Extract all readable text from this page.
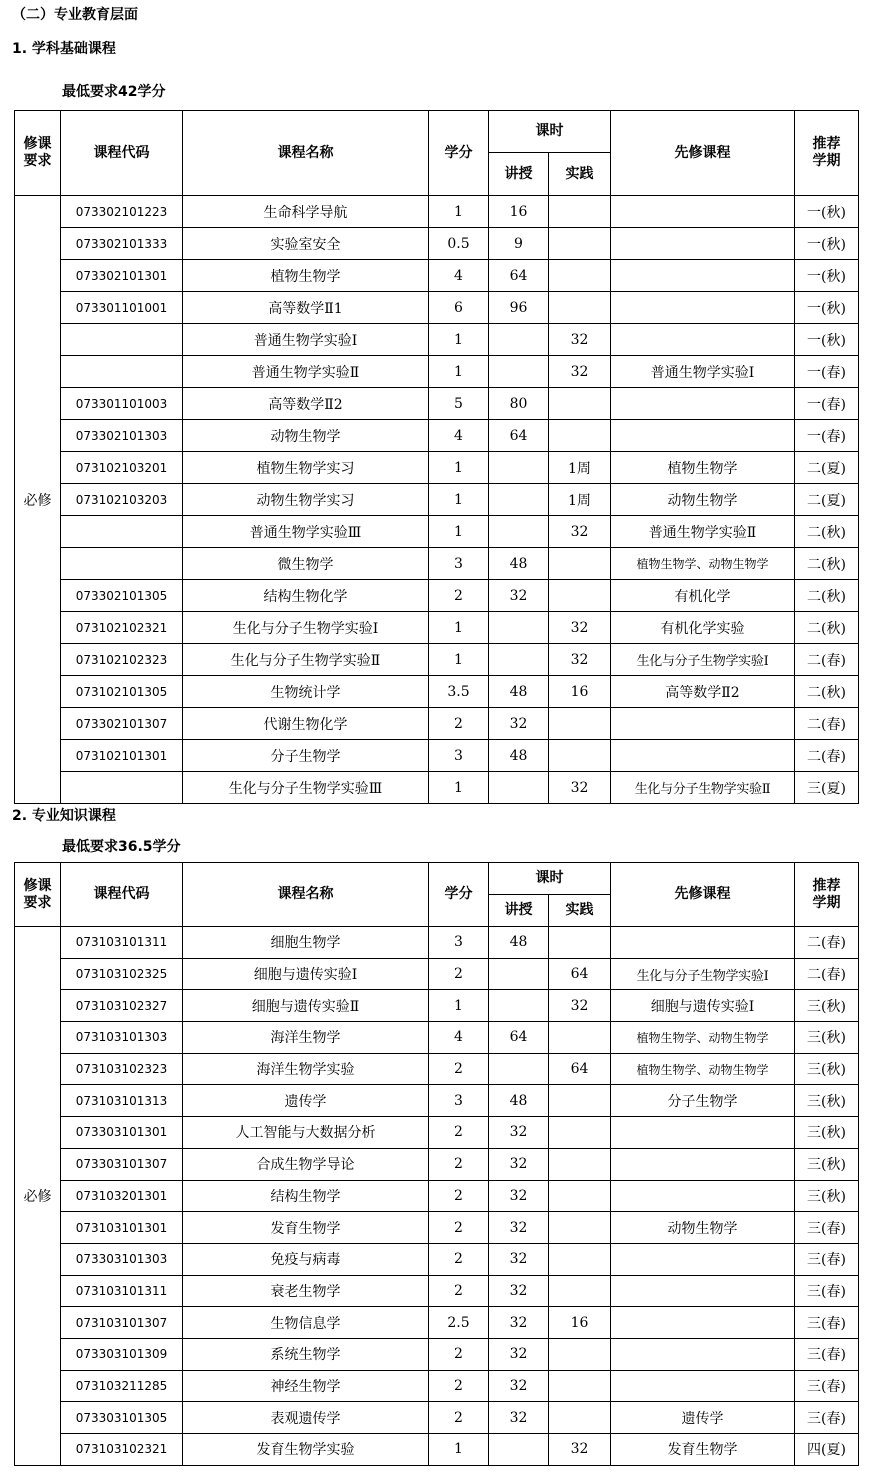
（二）专业教育层面
1. 学科基础课程
最低要求42学分
修课
要求	课程代码	课程名称	学分	课时		先修课程	推荐
学期
				讲授	实践		
必修	073302101223	生命科学导航	1	16			一(秋)
	073302101333	实验室安全	0.5	9			一(秋)
	073302101301	植物生物学	4	64			一(秋)
	073301101001	高等数学Ⅱ1	6	96			一(秋)
		普通生物学实验Ⅰ	1		32		一(秋)
		普通生物学实验Ⅱ	1		32	普通生物学实验Ⅰ	一(春)
	073301101003	高等数学Ⅱ2	5	80			一(春)
	073302101303	动物生物学	4	64			一(春)
	073102103201	植物生物学实习	1		1周	植物生物学	二(夏)
	073102103203	动物生物学实习	1		1周	动物生物学	二(夏)
		普通生物学实验Ⅲ	1		32	普通生物学实验Ⅱ	二(秋)
		微生物学	3	48		植物生物学、动物生物学	二(秋)
	073302101305	结构生物化学	2	32		有机化学	二(秋)
	073102102321	生化与分子生物学实验Ⅰ	1		32	有机化学实验	二(秋)
	073102102323	生化与分子生物学实验Ⅱ	1		32	生化与分子生物学实验Ⅰ	二(春)
	073102101305	生物统计学	3.5	48	16	高等数学Ⅱ2	二(秋)
	073302101307	代谢生物化学	2	32			二(春)
	073102101301	分子生物学	3	48			二(春)
		生化与分子生物学实验Ⅲ	1		32	生化与分子生物学实验Ⅱ	三(夏)
2. 专业知识课程
最低要求36.5学分
修课
要求	课程代码	课程名称	学分	课时		先修课程	推荐
学期
				讲授	实践		
必修	073103101311	细胞生物学	3	48			二(春)
	073103102325	细胞与遗传实验Ⅰ	2		64	生化与分子生物学实验Ⅰ	二(春)
	073103102327	细胞与遗传实验Ⅱ	1		32	细胞与遗传实验Ⅰ	三(秋)
	073103101303	海洋生物学	4	64		植物生物学、动物生物学	三(秋)
	073103102323	海洋生物学实验	2		64	植物生物学、动物生物学	三(秋)
	073103101313	遗传学	3	48		分子生物学	三(秋)
	073303101301	人工智能与大数据分析	2	32			三(秋)
	073303101307	合成生物学导论	2	32			三(秋)
	073103201301	结构生物学	2	32			三(秋)
	073103101301	发育生物学	2	32		动物生物学	三(春)
	073303101303	免疫与病毒	2	32			三(春)
	073103101311	衰老生物学	2	32			三(春)
	073103101307	生物信息学	2.5	32	16		三(春)
	073303101309	系统生物学	2	32			三(春)
	073103211285	神经生物学	2	32			三(春)
	073303101305	表观遗传学	2	32		遗传学	三(春)
	073103102321	发育生物学实验	1		32	发育生物学	四(夏)
